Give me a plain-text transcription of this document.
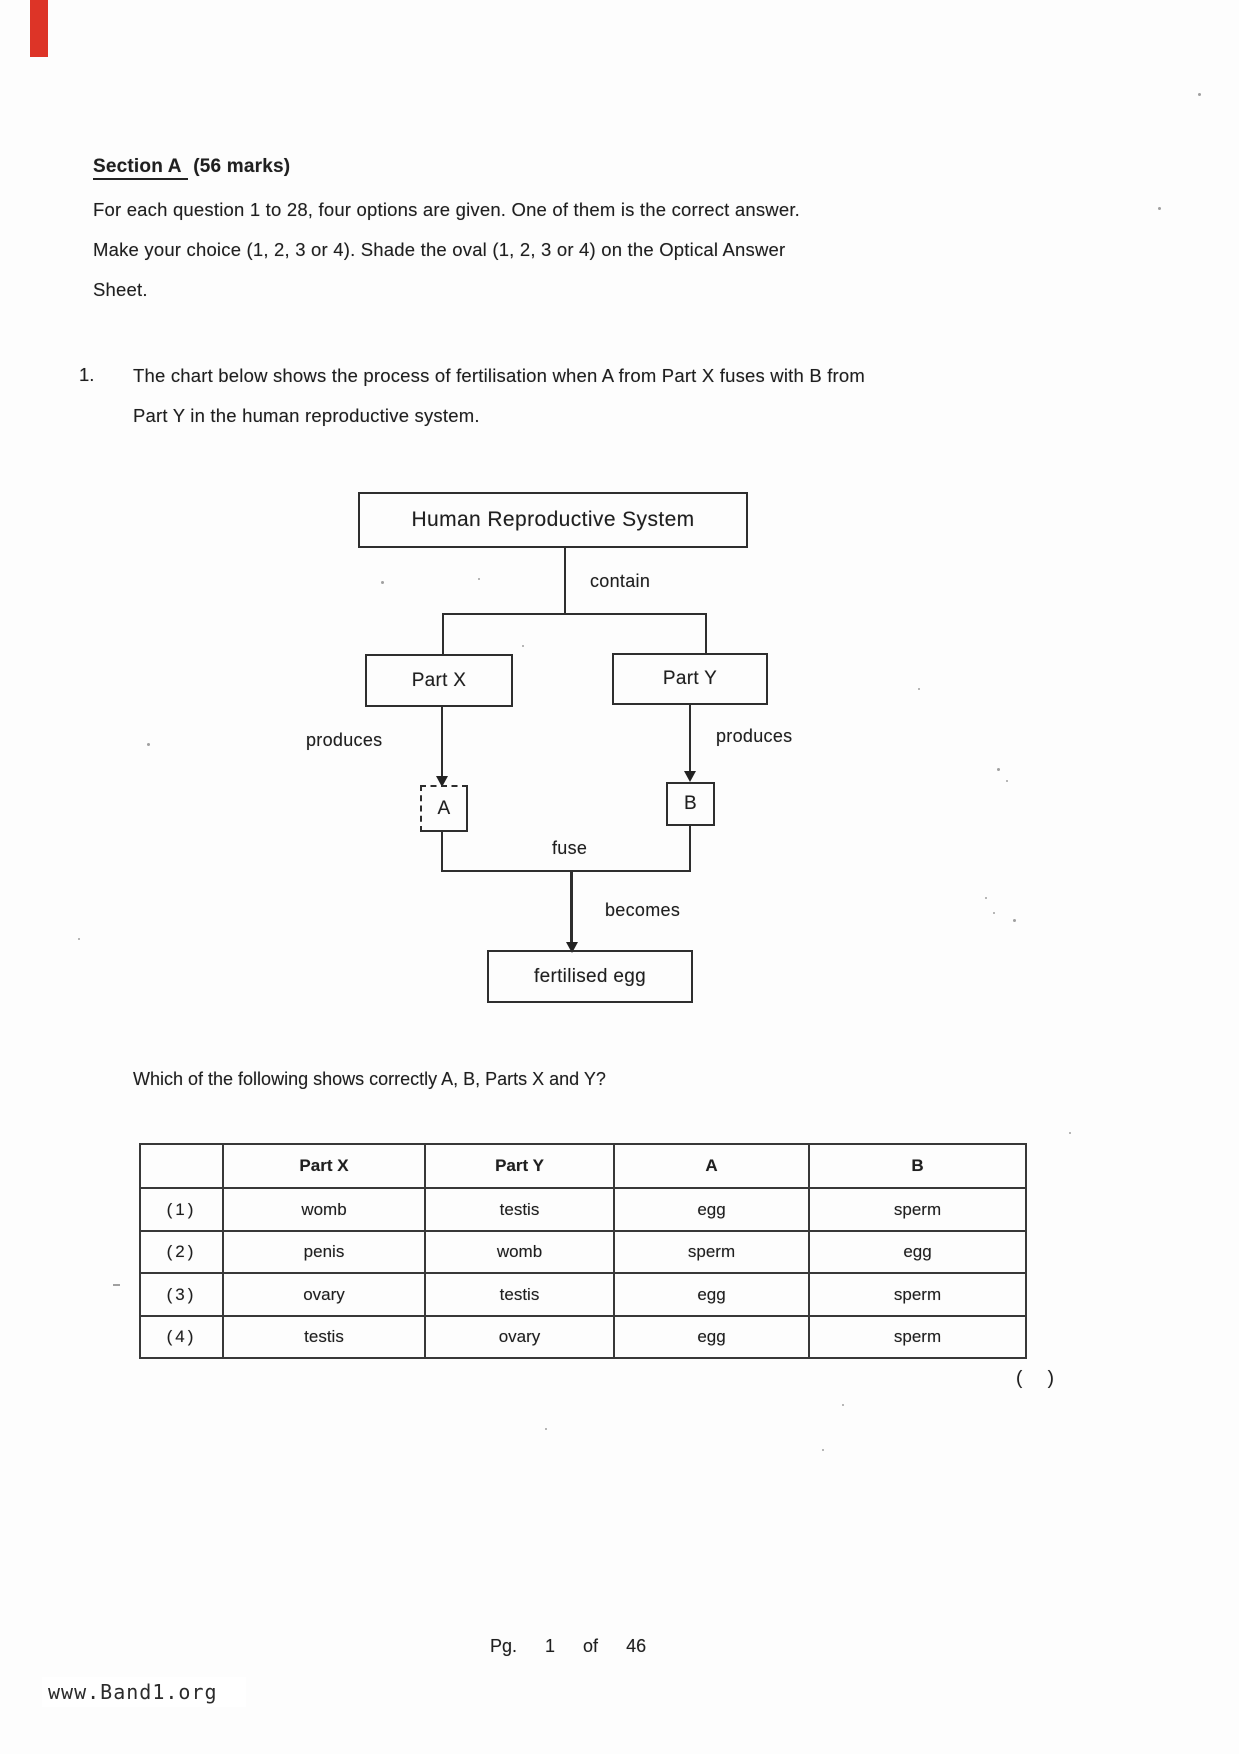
Section A (56 marks)
For each question 1 to 28, four options are given. One of them is the correct answer.
Make your choice (1, 2, 3 or 4). Shade the oval (1, 2, 3 or 4) on the Optical Answer
Sheet.
1. The chart below shows the process of fertilisation when A from Part X fuses with B from
Part Y in the human reproductive system.
Human Reproductive System
contain
Part X	Part Y
produces	produces
A	B
fuse
becomes
fertilised egg
Which of the following shows correctly A, B, Parts X and Y?
	Part X	Part Y	A	B
(1)	womb	testis	egg	sperm
(2)	penis	womb	sperm	egg
(3)	ovary	testis	egg	sperm
(4)	testis	ovary	egg	sperm
( )
Pg. 1 of 46
www.Band1.org
